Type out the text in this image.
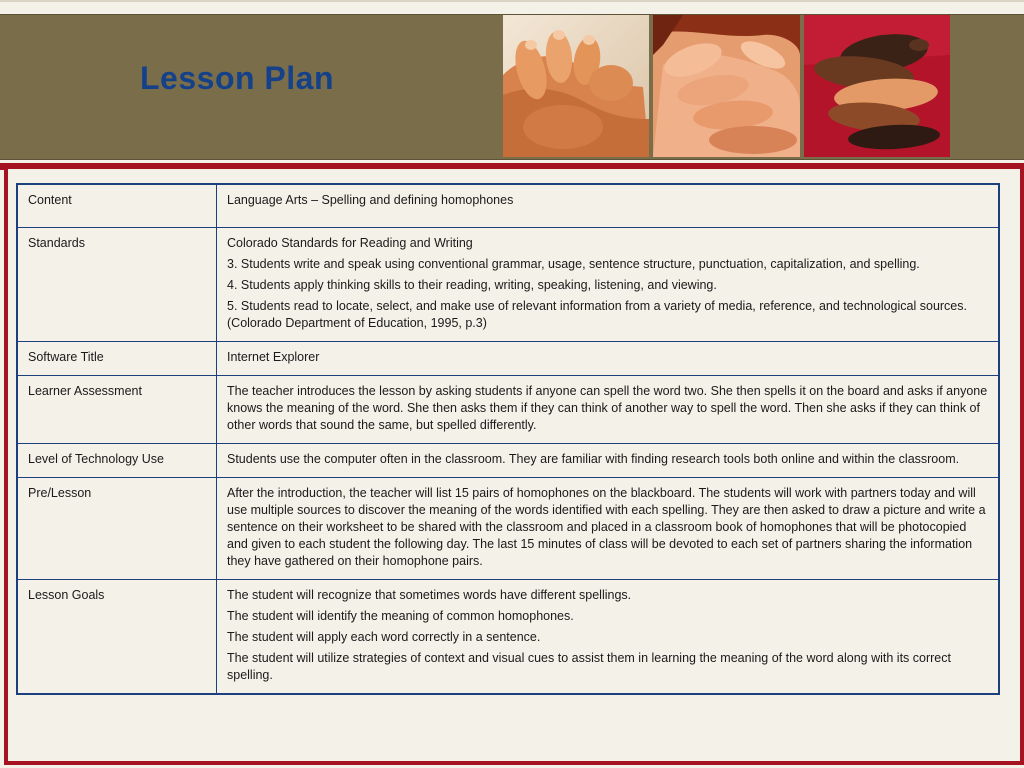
Lesson Plan
Content	Language Arts – Spelling and defining homophones

Standards	Colorado Standards for Reading and Writing

3. Students write and speak using conventional grammar, usage, sentence structure, punctuation, capitalization, and spelling.

4. Students apply thinking skills to their reading, writing, speaking, listening, and viewing.

5. Students read to locate, select, and make use of relevant information from a variety of media, reference, and technological sources. (Colorado Department of Education, 1995, p.3)

Software Title	Internet Explorer

Learner Assessment	The teacher introduces the lesson by asking students if anyone can spell the word two. She then spells it on the board and asks if anyone knows the meaning of the word. She then asks them if they can think of another way to spell the word. Then she asks if they can think of other words that sound the same, but spelled differently.

Level of Technology Use	Students use the computer often in the classroom. They are familiar with finding research tools both online and within the classroom.

Pre/Lesson	After the introduction, the teacher will list 15 pairs of homophones on the blackboard. The students will work with partners today and will use multiple sources to discover the meaning of the words identified with each spelling. They are then asked to draw a picture and write a sentence on their worksheet to be shared with the classroom and placed in a classroom book of homophones that will be photocopied and given to each student the following day. The last 15 minutes of class will be devoted to each set of partners sharing the information they have gathered on their homophone pairs.

Lesson Goals	The student will recognize that sometimes words have different spellings.

The student will identify the meaning of common homophones.

The student will apply each word correctly in a sentence.

The student will utilize strategies of context and visual cues to assist them in learning the meaning of the word along with its correct spelling.
